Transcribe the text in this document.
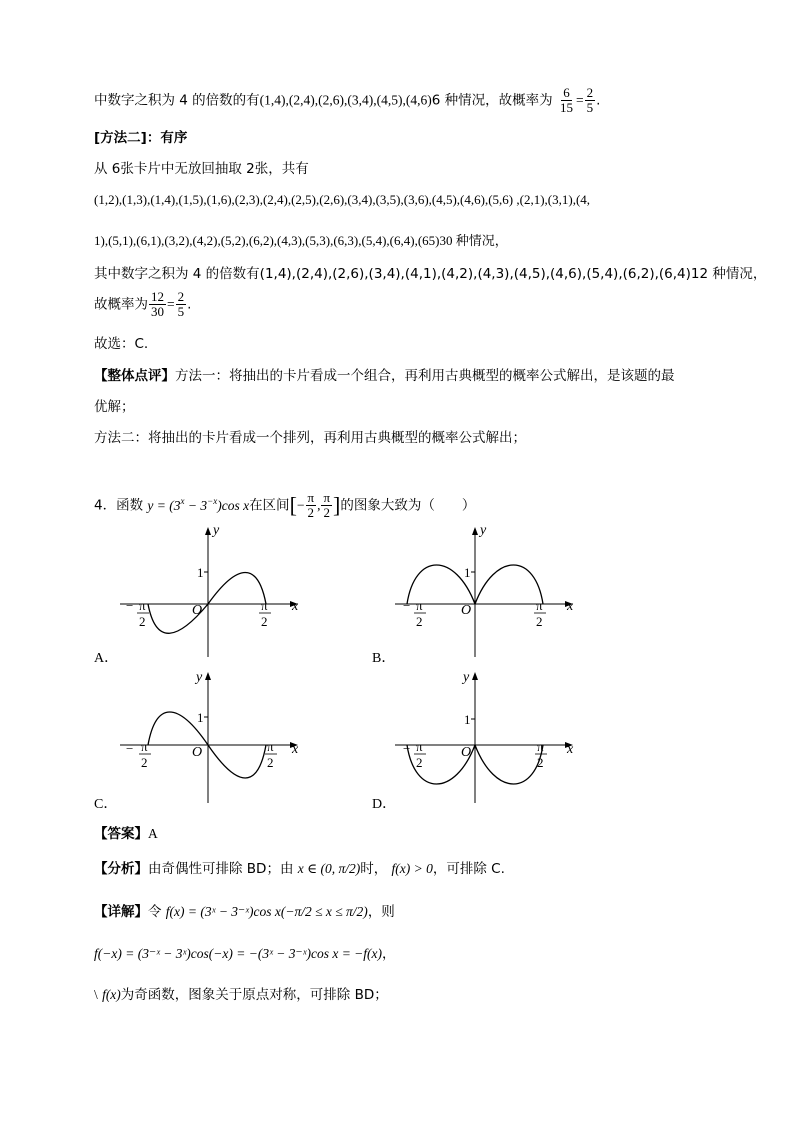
中数字之积为 4 的倍数的有(1,4),(2,4),(2,6),(3,4),(4,5),(4,6)6 种情况，故概率为 $\frac{6}{15} = \frac{2}{5}$ .
[方法二]：有序
从 6张卡片中无放回抽取 2张，共有
(1,2),(1,3),(1,4),(1,5),(1,6),(2,3),(2,4),(2,5),(2,6),(3,4),(3,5),(3,6),(4,5),(4,6),(5,6) ,(2,1),(3,1),(4,
1),(5,1),(6,1),(3,2),(4,2),(5,2),(6,2),(4,3),(5,3),(6,3),(5,4),(6,4),(65)30 种情况，
其中数字之积为 4 的倍数有(1,4),(2,4),(2,6),(3,4),(4,1),(4,2),(4,3),(4,5),(4,6),(5,4),(6,2),(6,4)12 种情况，
故概率为 $\frac{12}{30} = \frac{2}{5}$ .
故选：C.
【整体点评】方法一：将抽出的卡片看成一个组合，再利用古典概型的概率公式解出，是该题的最
优解；
方法二：将抽出的卡片看成一个排列，再利用古典概型的概率公式解出；
4．函数 $y = (3^x - 3^{-x})\cos$ x在区间[− $\frac{\pi}{2}$ , $\frac{\pi}{2}$ ]的图象大致为（　　）
y
x
O
1
− π
2
π
2
A．
y
x
O
1
− π
2
π
2
B．
y
x
O
1
− π
2
π
2
C．
y
x
O
1
− π
2
π
2
D．
【答案】A
【分析】由奇偶性可排除 BD；由 x ∈ (0, π/2)时， f(x) > 0，可排除 C.
【详解】令 f(x) = (3ˣ − 3⁻ˣ)cos x(−π/2 ≤ x ≤ π/2)，则
f(−x) = (3⁻ˣ − 3ˣ)cos(−x) = −(3ˣ − 3⁻ˣ)cos x = −f(x)，
\ f(x)为奇函数，图象关于原点对称，可排除 BD；
